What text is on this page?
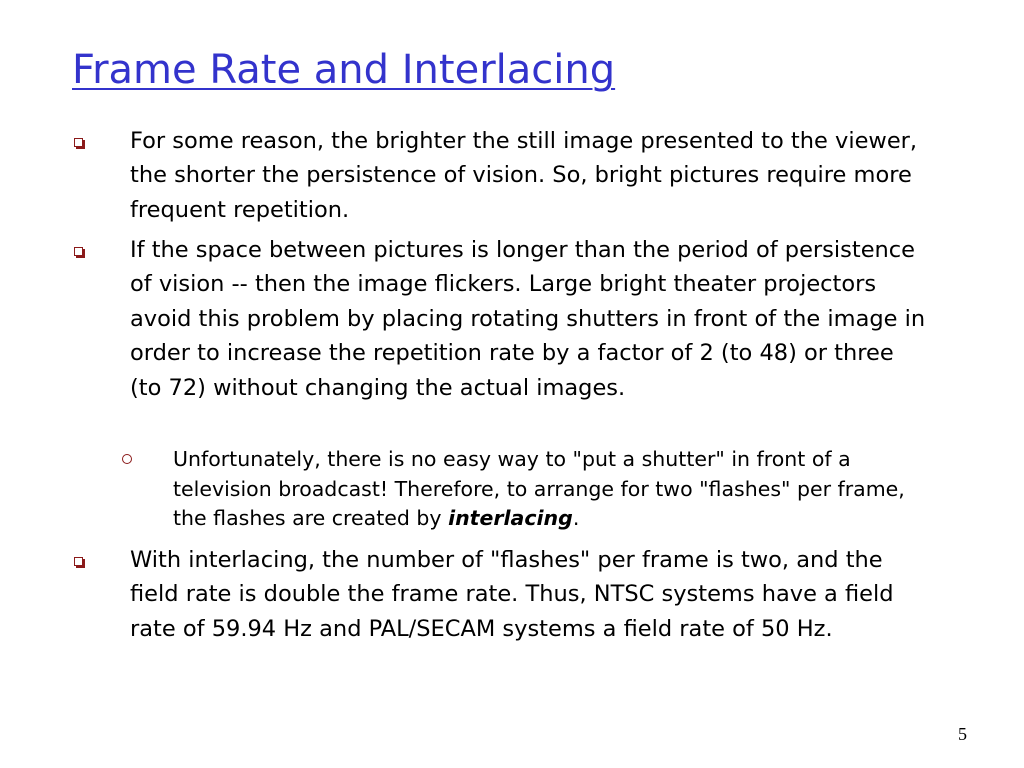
Frame Rate and Interlacing
For some reason, the brighter the still image presented to the viewer, the shorter the persistence of vision. So, bright pictures require more frequent repetition.
If the space between pictures is longer than the period of persistence of vision -- then the image flickers. Large bright theater projectors avoid this problem by placing rotating shutters in front of the image in order to increase the repetition rate by a factor of 2 (to 48) or three (to 72) without changing the actual images.
Unfortunately, there is no easy way to "put a shutter" in front of a television broadcast! Therefore, to arrange for two "flashes" per frame, the flashes are created by interlacing.
With interlacing, the number of "flashes" per frame is two, and the field rate is double the frame rate. Thus, NTSC systems have a field rate of 59.94 Hz and PAL/SECAM systems a field rate of 50 Hz.
5
